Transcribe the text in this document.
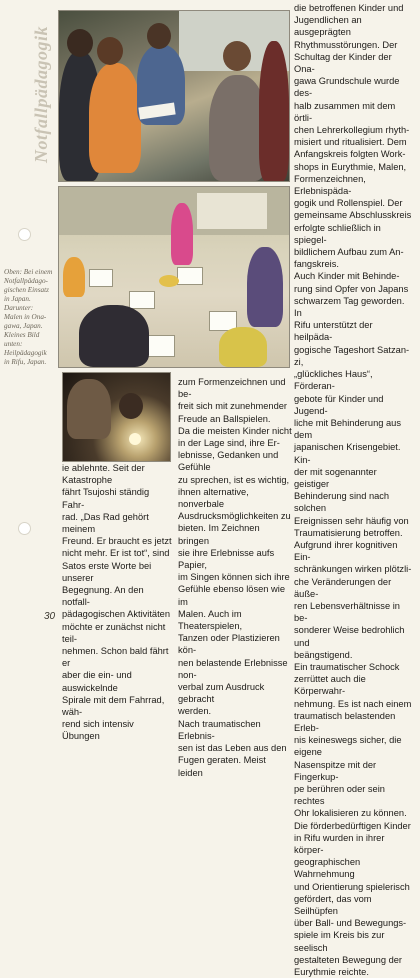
Notfallpädagogik

Oben: Bei einem

Notfallpädago-

gischen Einsatz

in Japan.

Darunter:

Malen in Ona-

gawa, Japan.

Kleines Bild

unten:

Heilpädagogik

in Rifu, Japan.

ie ablehnte. Seit der Katastrophe

fährt Tsujoshi ständig Fahr-

rad. „Das Rad gehört meinem

Freund. Er braucht es jetzt

nicht mehr. Er ist tot“, sind

Satos erste Worte bei unserer

Begegnung. An den notfall-

pädagogischen Aktivitäten

möchte er zunächst nicht teil-

nehmen. Schon bald fährt er

aber die ein- und auswickelnde

Spirale mit dem Fahrrad, wäh-

rend sich intensiv Übungen

zum Formenzeichnen und be-

freit sich mit zunehmender

Freude an Ballspielen.

Da die meisten Kinder nicht

in der Lage sind, ihre Er-

lebnisse, Gedanken und Gefühle

zu sprechen, ist es wichtig,

ihnen alternative, nonverbale

Ausdrucksmöglichkeiten zu

bieten. Im Zeichnen bringen

sie ihre Erlebnisse aufs Papier,

im Singen können sich ihre

Gefühle ebenso lösen wie im

Malen. Auch im Theaterspielen,

Tanzen oder Plastizieren kön-

nen belastende Erlebnisse non-

verbal zum Ausdruck gebracht

werden.

Nach traumatischen Erlebnis-

sen ist das Leben aus den

Fugen geraten. Meist leiden

die betroffenen Kinder und

Jugendlichen an ausgeprägten

Rhythmusstörungen. Der

Schultag der Kinder der Ona-

gawa Grundschule wurde des-

halb zusammen mit dem örtli-

chen Lehrerkollegium rhyth-

misiert und ritualisiert. Dem

Anfangskreis folgten Work-

shops in Eurythmie, Malen,

Formenzeichnen, Erlebnispäda-

gogik und Rollenspiel. Der

gemeinsame Abschlusskreis

erfolgte schließlich in spiegel-

bildlichem Aufbau zum An-

fangskreis.

Auch Kinder mit Behinde-

rung sind Opfer von Japans

schwarzem Tag geworden. In

Rifu unterstützt der heilpäda-

gogische Tageshort Satzan-zi,

„glückliches Haus“, Förderan-

gebote für Kinder und Jugend-

liche mit Behinderung aus dem

japanischen Krisengebiet. Kin-

der mit sogenannter geistiger

Behinderung sind nach solchen

Ereignissen sehr häufig von

Traumatisierung betroffen.

Aufgrund ihrer kognitiven Ein-

schränkungen wirken plötzli-

che Veränderungen der äuße-

ren Lebensverhältnisse in be-

sonderer Weise bedrohlich und

beängstigend.

Ein traumatischer Schock

zerrüttet auch die Körperwahr-

nehmung. Es ist nach einem

traumatisch belastenden Erleb-

nis keineswegs sicher, die eigene

Nasenspitze mit der Fingerkup-

pe berühren oder sein rechtes

Ohr lokalisieren zu können.

Die förderbedürftigen Kinder

in Rifu wurden in ihrer körper-

geographischen Wahrnehmung

und Orientierung spielerisch

gefördert, das vom Seilhüpfen

über Ball- und Bewegungs-

spiele im Kreis bis zur seelisch

gestalteten Bewegung der

Eurythmie reichte.

30
